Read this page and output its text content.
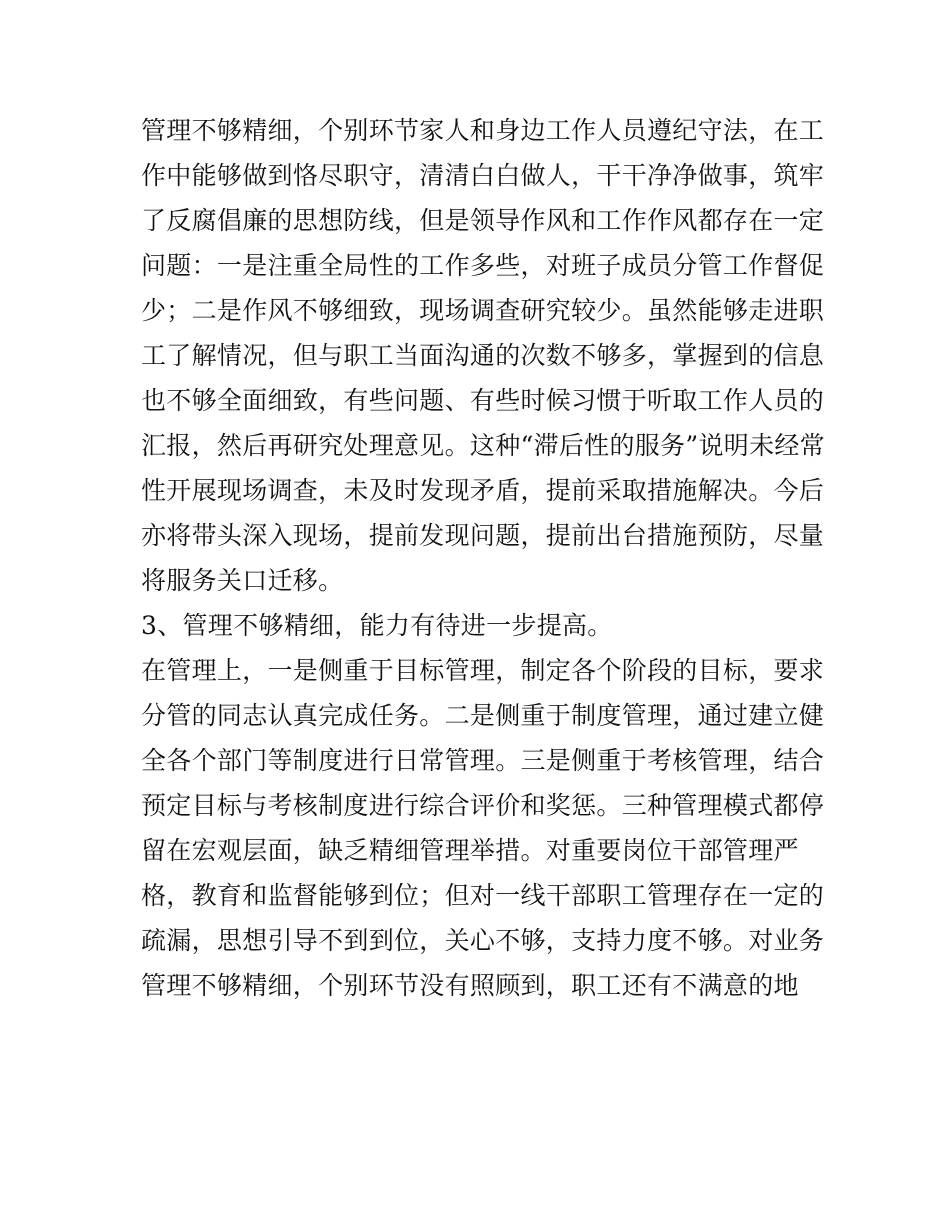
管理不够精细，个别环节家人和身边工作人员遵纪守法，在工
作中能够做到恪尽职守，清清白白做人，干干净净做事，筑牢
了反腐倡廉的思想防线，但是领导作风和工作作风都存在一定
问题：一是注重全局性的工作多些，对班子成员分管工作督促
少；二是作风不够细致，现场调查研究较少。虽然能够走进职
工了解情况，但与职工当面沟通的次数不够多，掌握到的信息
也不够全面细致，有些问题、有些时候习惯于听取工作人员的
汇报，然后再研究处理意见。这种“滞后性的服务”说明未经常
性开展现场调查，未及时发现矛盾，提前采取措施解决。今后
亦将带头深入现场，提前发现问题，提前出台措施预防，尽量
将服务关口迁移。
3、管理不够精细，能力有待进一步提高。
在管理上，一是侧重于目标管理，制定各个阶段的目标，要求
分管的同志认真完成任务。二是侧重于制度管理，通过建立健
全各个部门等制度进行日常管理。三是侧重于考核管理，结合
预定目标与考核制度进行综合评价和奖惩。三种管理模式都停
留在宏观层面，缺乏精细管理举措。对重要岗位干部管理严
格，教育和监督能够到位；但对一线干部职工管理存在一定的
疏漏，思想引导不到到位，关心不够，支持力度不够。对业务
管理不够精细，个别环节没有照顾到，职工还有不满意的地
